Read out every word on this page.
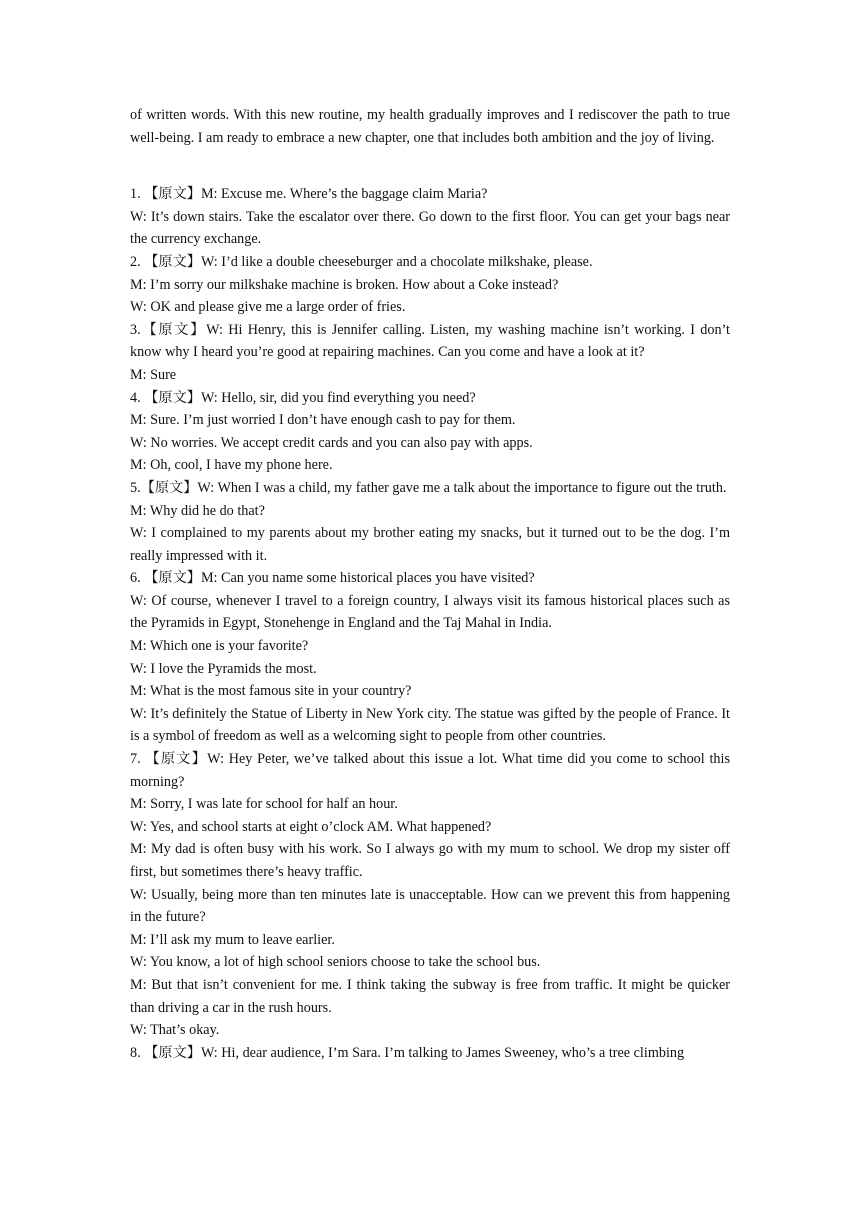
of written words. With this new routine, my health gradually improves and I rediscover the path to true well-being. I am ready to embrace a new chapter, one that includes both ambition and the joy of living.

1. 【原文】M: Excuse me. Where’s the baggage claim Maria?

W: It’s down stairs. Take the escalator over there. Go down to the first floor. You can get your bags near the currency exchange.

2. 【原文】W: I’d like a double cheeseburger and a chocolate milkshake, please.

M: I’m sorry our milkshake machine is broken. How about a Coke instead?

W: OK and please give me a large order of fries.

3.【原文】W: Hi Henry, this is Jennifer calling. Listen, my washing machine isn’t working. I don’t know why I heard you’re good at repairing machines. Can you come and have a look at it?

M: Sure

4. 【原文】W: Hello, sir, did you find everything you need?

M: Sure. I’m just worried I don’t have enough cash to pay for them.

W: No worries. We accept credit cards and you can also pay with apps.

M: Oh, cool, I have my phone here.

5.【原文】W: When I was a child, my father gave me a talk about the importance to figure out the truth.

M: Why did he do that?

W: I complained to my parents about my brother eating my snacks, but it turned out to be the dog. I’m really impressed with it.

6. 【原文】M: Can you name some historical places you have visited?

W: Of course, whenever I travel to a foreign country, I always visit its famous historical places such as the Pyramids in Egypt, Stonehenge in England and the Taj Mahal in India.

M: Which one is your favorite?

W: I love the Pyramids the most.

M: What is the most famous site in your country?

W: It’s definitely the Statue of Liberty in New York city. The statue was gifted by the people of France. It is a symbol of freedom as well as a welcoming sight to people from other countries.

7. 【原文】W: Hey Peter, we’ve talked about this issue a lot. What time did you come to school this morning?

M: Sorry, I was late for school for half an hour.

W: Yes, and school starts at eight o’clock AM. What happened?

M: My dad is often busy with his work. So I always go with my mum to school. We drop my sister off first, but sometimes there’s heavy traffic.

W: Usually, being more than ten minutes late is unacceptable. How can we prevent this from happening in the future?

M: I’ll ask my mum to leave earlier.

W: You know, a lot of high school seniors choose to take the school bus.

M: But that isn’t convenient for me. I think taking the subway is free from traffic. It might be quicker than driving a car in the rush hours.

W: That’s okay.

8. 【原文】W: Hi, dear audience, I’m Sara. I’m talking to James Sweeney, who’s a tree climbing
